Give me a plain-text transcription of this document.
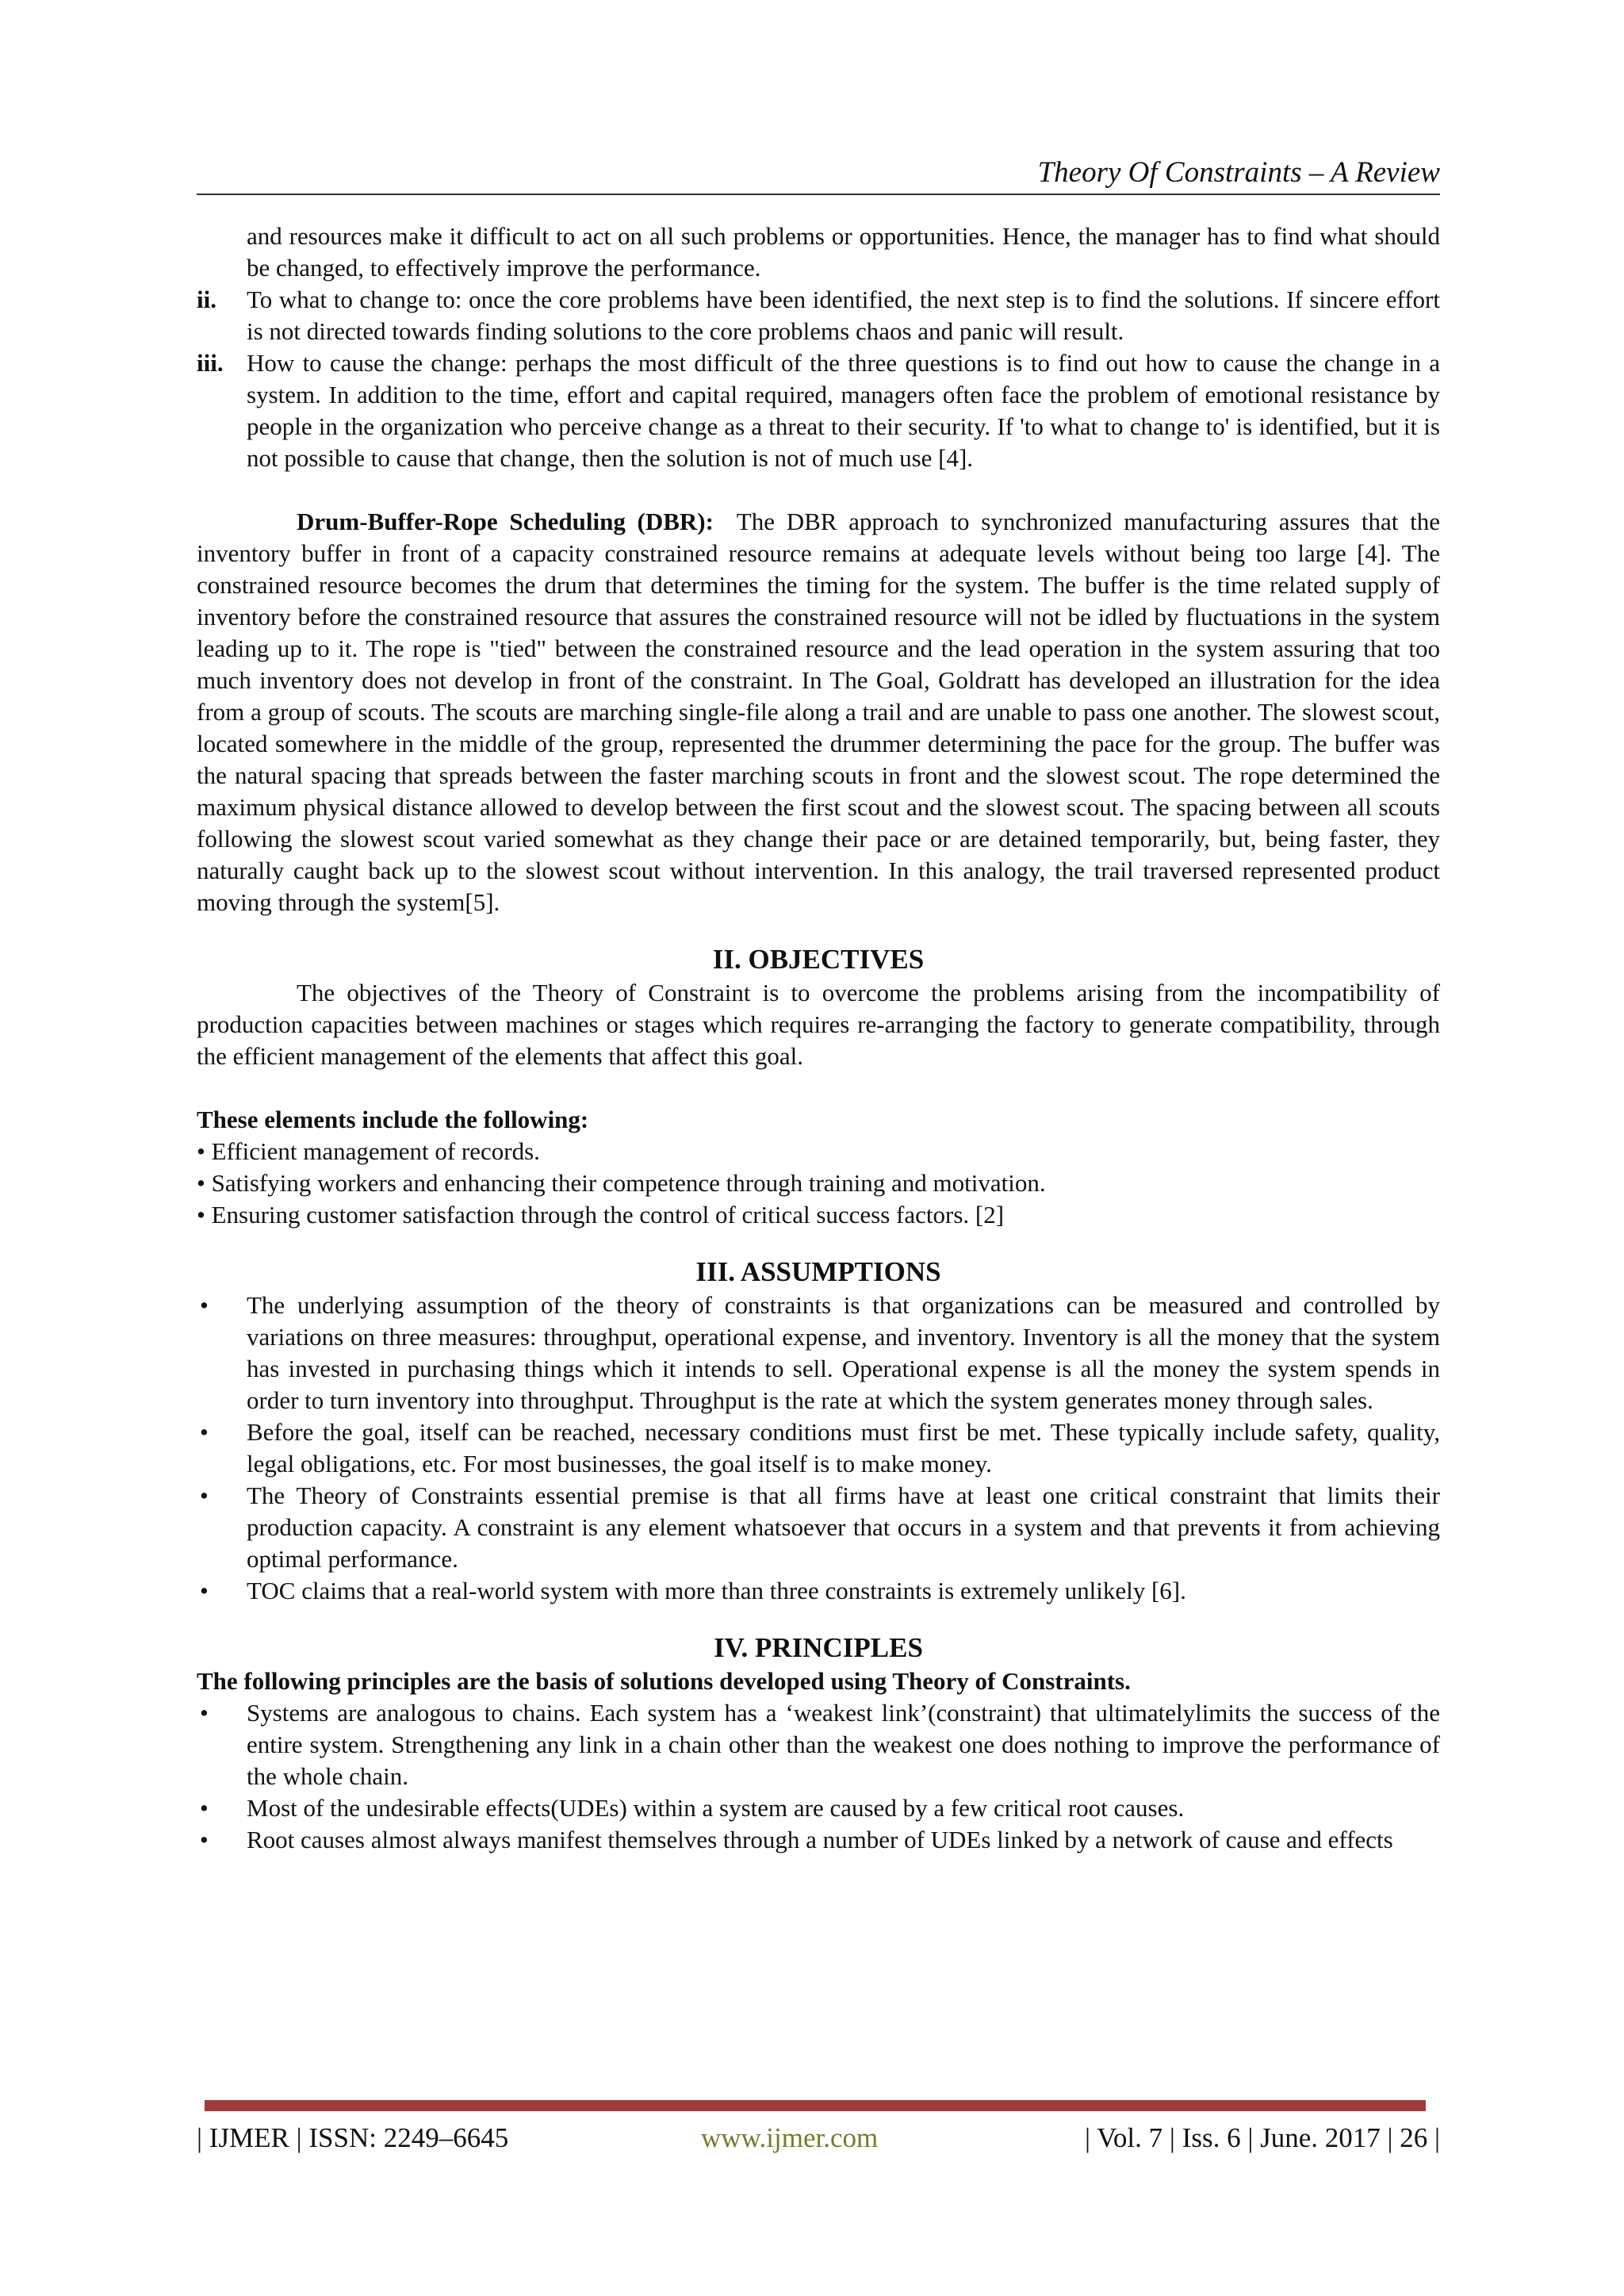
Theory Of Constraints – A Review

and resources make it difficult to act on all such problems or opportunities. Hence, the manager has to find what should be changed, to effectively improve the performance.

ii. To what to change to: once the core problems have been identified, the next step is to find the solutions. If sincere effort is not directed towards finding solutions to the core problems chaos and panic will result.
iii. How to cause the change: perhaps the most difficult of the three questions is to find out how to cause the change in a system. In addition to the time, effort and capital required, managers often face the problem of emotional resistance by people in the organization who perceive change as a threat to their security. If 'to what to change to' is identified, but it is not possible to cause that change, then the solution is not of much use [4].

Drum-Buffer-Rope Scheduling (DBR): The DBR approach to synchronized manufacturing assures that the inventory buffer in front of a capacity constrained resource remains at adequate levels without being too large [4]. The constrained resource becomes the drum that determines the timing for the system. The buffer is the time related supply of inventory before the constrained resource that assures the constrained resource will not be idled by fluctuations in the system leading up to it. The rope is "tied" between the constrained resource and the lead operation in the system assuring that too much inventory does not develop in front of the constraint. In The Goal, Goldratt has developed an illustration for the idea from a group of scouts. The scouts are marching single-file along a trail and are unable to pass one another. The slowest scout, located somewhere in the middle of the group, represented the drummer determining the pace for the group. The buffer was the natural spacing that spreads between the faster marching scouts in front and the slowest scout. The rope determined the maximum physical distance allowed to develop between the first scout and the slowest scout. The spacing between all scouts following the slowest scout varied somewhat as they change their pace or are detained temporarily, but, being faster, they naturally caught back up to the slowest scout without intervention. In this analogy, the trail traversed represented product moving through the system[5].

II. OBJECTIVES

The objectives of the Theory of Constraint is to overcome the problems arising from the incompatibility of production capacities between machines or stages which requires re-arranging the factory to generate compatibility, through the efficient management of the elements that affect this goal.

These elements include the following:

• Efficient management of records.

• Satisfying workers and enhancing their competence through training and motivation.

• Ensuring customer satisfaction through the control of critical success factors. [2]

III. ASSUMPTIONS
• The underlying assumption of the theory of constraints is that organizations can be measured and controlled by variations on three measures: throughput, operational expense, and inventory. Inventory is all the money that the system has invested in purchasing things which it intends to sell. Operational expense is all the money the system spends in order to turn inventory into throughput. Throughput is the rate at which the system generates money through sales.
• Before the goal, itself can be reached, necessary conditions must first be met. These typically include safety, quality, legal obligations, etc. For most businesses, the goal itself is to make money.
• The Theory of Constraints essential premise is that all firms have at least one critical constraint that limits their production capacity. A constraint is any element whatsoever that occurs in a system and that prevents it from achieving optimal performance.
• TOC claims that a real-world system with more than three constraints is extremely unlikely [6].
IV. PRINCIPLES

The following principles are the basis of solutions developed using Theory of Constraints.

• Systems are analogous to chains. Each system has a ‘weakest link’(constraint) that ultimatelylimits the success of the entire system. Strengthening any link in a chain other than the weakest one does nothing to improve the performance of the whole chain.
• Most of the undesirable effects(UDEs) within a system are caused by a few critical root causes.
• Root causes almost always manifest themselves through a number of UDEs linked by a network of cause and effects
| IJMER | ISSN: 2249–6645	www.ijmer.com	| Vol. 7 | Iss. 6 | June. 2017 | 26 |
